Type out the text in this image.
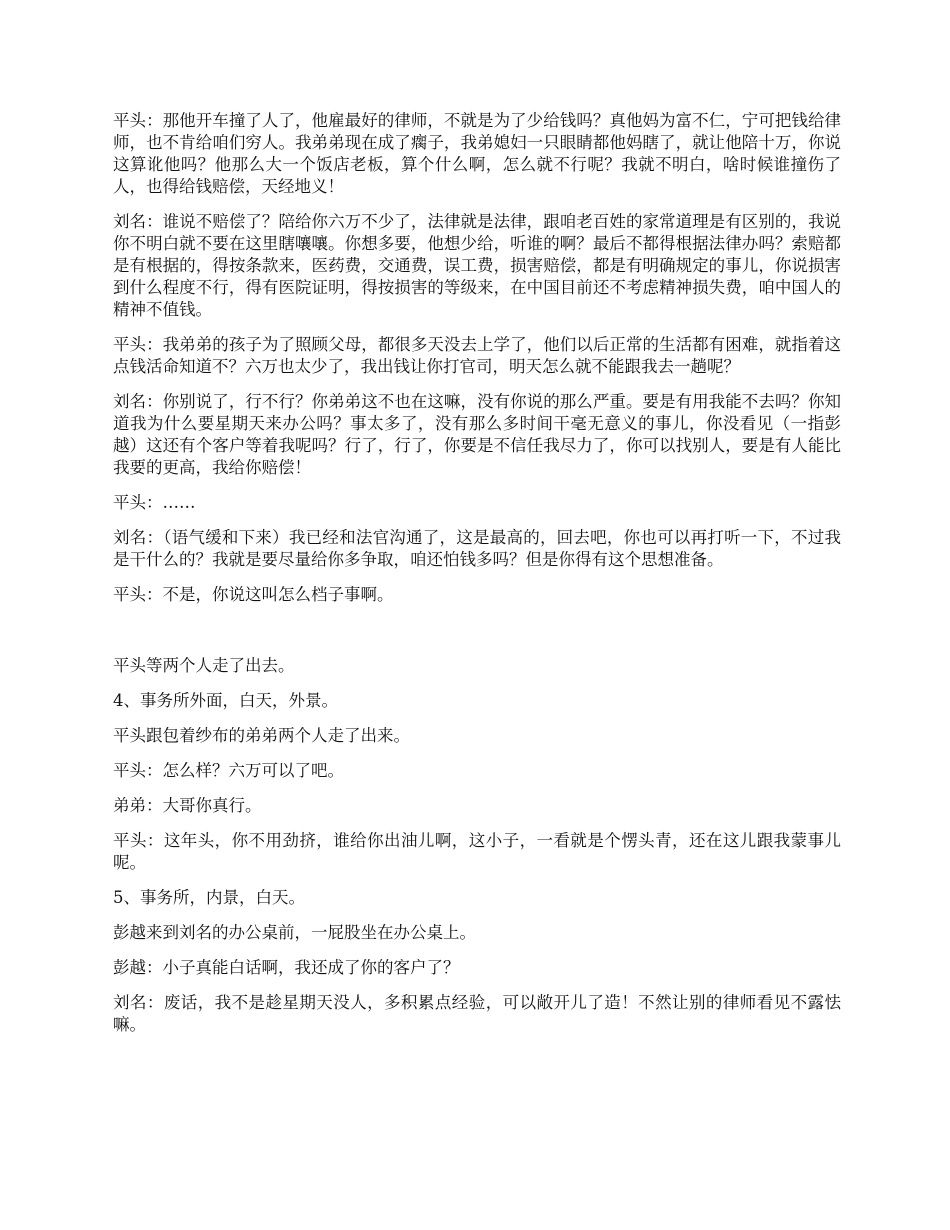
平头：那他开车撞了人了，他雇最好的律师，不就是为了少给钱吗？真他妈为富不仁，宁可把钱给律师，也不肯给咱们穷人。我弟弟现在成了瘸子，我弟媳妇一只眼睛都他妈瞎了，就让他陪十万，你说这算讹他吗？他那么大一个饭店老板，算个什么啊，怎么就不行呢？我就不明白，啥时候谁撞伤了人，也得给钱赔偿，天经地义！

刘名：谁说不赔偿了？陪给你六万不少了，法律就是法律，跟咱老百姓的家常道理是有区别的，我说你不明白就不要在这里瞎嚷嚷。你想多要，他想少给，听谁的啊？最后不都得根据法律办吗？索赔都是有根据的，得按条款来，医药费，交通费，误工费，损害赔偿，都是有明确规定的事儿，你说损害到什么程度不行，得有医院证明，得按损害的等级来，在中国目前还不考虑精神损失费，咱中国人的精神不值钱。

平头：我弟弟的孩子为了照顾父母，都很多天没去上学了，他们以后正常的生活都有困难，就指着这点钱活命知道不？六万也太少了，我出钱让你打官司，明天怎么就不能跟我去一趟呢？

刘名：你别说了，行不行？你弟弟这不也在这嘛，没有你说的那么严重。要是有用我能不去吗？你知道我为什么要星期天来办公吗？事太多了，没有那么多时间干毫无意义的事儿，你没看见（一指彭越）这还有个客户等着我呢吗？行了，行了，你要是不信任我尽力了，你可以找别人，要是有人能比我要的更高，我给你赔偿！

平头：……

刘名：（语气缓和下来）我已经和法官沟通了，这是最高的，回去吧，你也可以再打听一下，不过我是干什么的？我就是要尽量给你多争取，咱还怕钱多吗？但是你得有这个思想准备。

平头：不是，你说这叫怎么档子事啊。

平头等两个人走了出去。

4、事务所外面，白天，外景。

平头跟包着纱布的弟弟两个人走了出来。

平头：怎么样？六万可以了吧。

弟弟：大哥你真行。

平头：这年头，你不用劲挤，谁给你出油儿啊，这小子，一看就是个愣头青，还在这儿跟我蒙事儿呢。

5、事务所，内景，白天。

彭越来到刘名的办公桌前，一屁股坐在办公桌上。

彭越：小子真能白话啊，我还成了你的客户了？

刘名：废话，我不是趁星期天没人，多积累点经验，可以敞开儿了造！不然让别的律师看见不露怯嘛。
